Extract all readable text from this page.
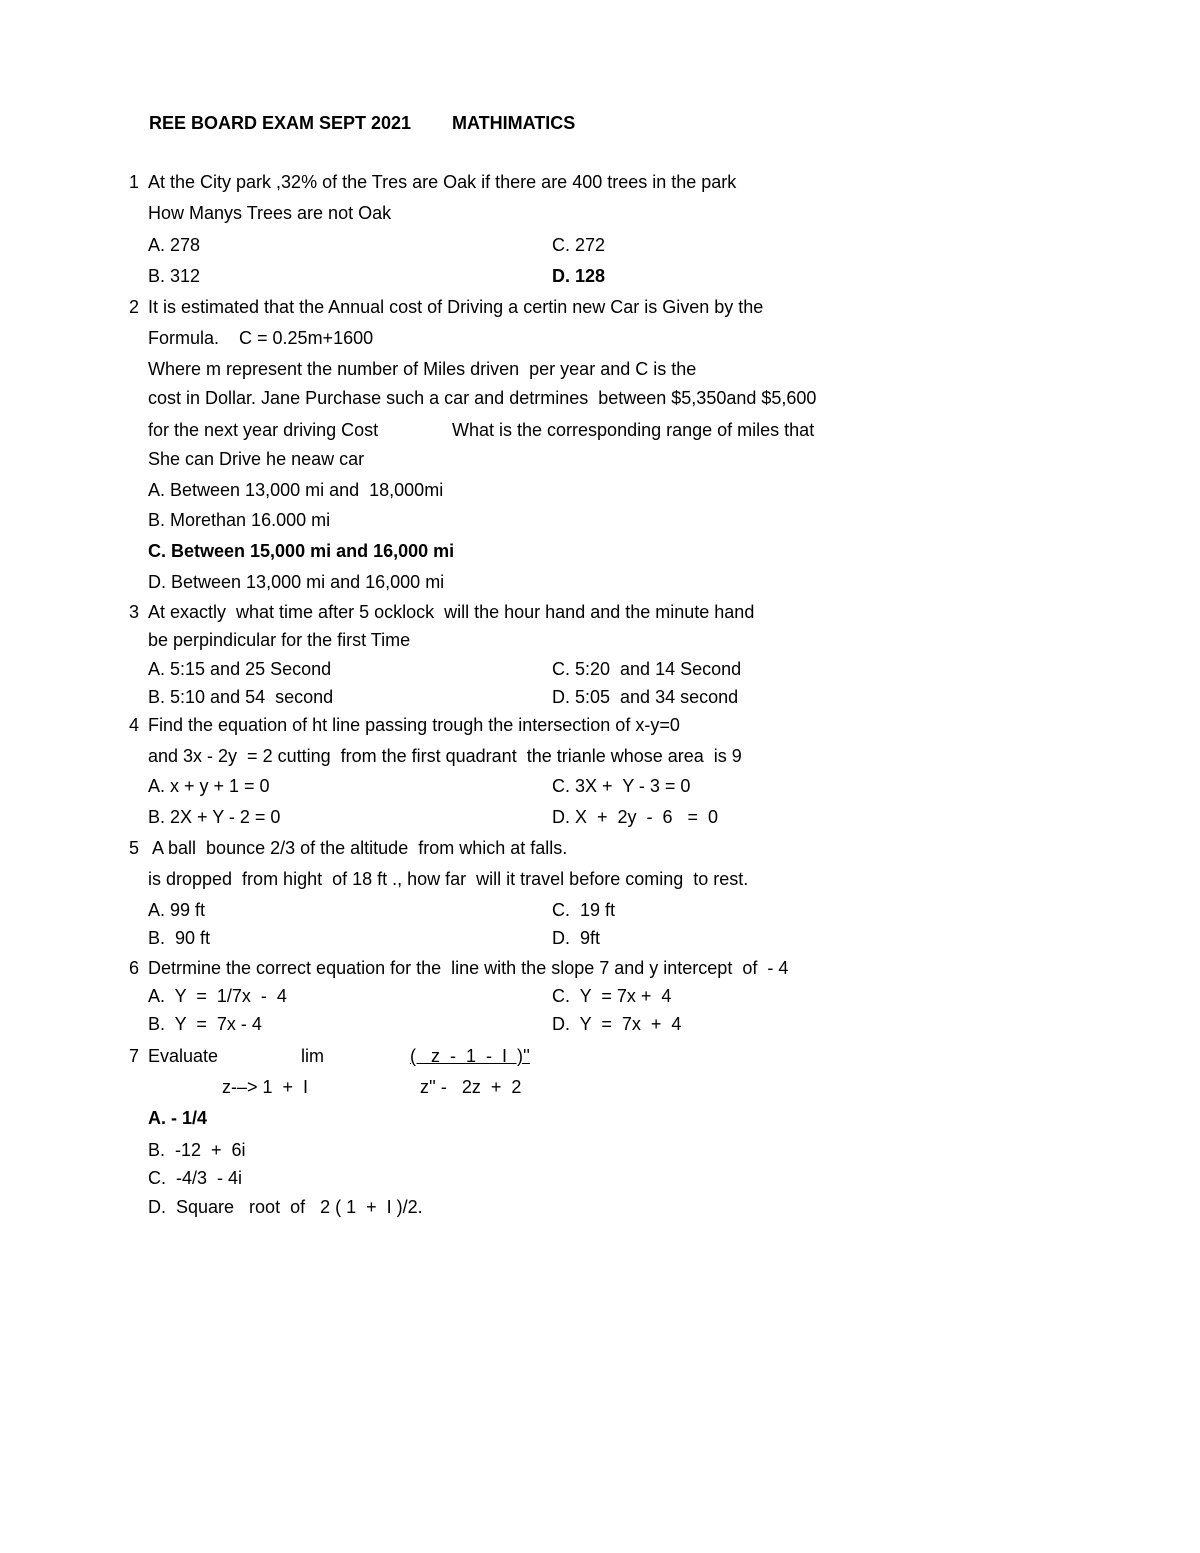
REE BOARD EXAM SEPT 2021 MATHIMATICS
1 At the City park ,32% of the Tres are Oak if there are 400 trees in the park
How Manys Trees are not Oak
A. 278	C. 272
B. 312	D. 128
2 It is estimated that the Annual cost of Driving a certin new Car is Given by the
Formula.    C = 0.25m+1600
Where m represent the number of Miles driven  per year and C is the
cost in Dollar. Jane Purchase such a car and detrmines  between $5,350and $5,600
for the next year driving Cost	What is the corresponding range of miles that
She can Drive he neaw car
A. Between 13,000 mi and  18,000mi
B. Morethan 16.000 mi
C. Between 15,000 mi and 16,000 mi
D. Between 13,000 mi and 16,000 mi
3 At exactly  what time after 5 ocklock  will the hour hand and the minute hand
be perpindicular for the first Time
A. 5:15 and 25 Second	C. 5:20  and 14 Second
B. 5:10 and 54  second	D. 5:05  and 34 second
4 Find the equation of ht line passing trough the intersection of x-y=0
and 3x - 2y  = 2 cutting  from the first quadrant  the trianle whose area  is 9
A. x + y + 1 = 0	C. 3X +  Y - 3 = 0
B. 2X + Y - 2 = 0	D. X  +  2y  -  6   =  0
5 A ball  bounce 2/3 of the altitude  from which at falls.
is dropped  from hight  of 18 ft ., how far  will it travel before coming  to rest.
A. 99 ft	C.  19 ft
B.  90 ft	D.  9ft
6 Detrmine the correct equation for the  line with the slope 7 and y intercept  of  - 4
A.  Y  =  1/7x  -  4	C.  Y  = 7x +  4
B.  Y  =  7x - 4	D.  Y  =  7x  +  4
7 Evaluate	lim	(   z  -  1  -  I  )''
z-–> 1  +  I	z'' -   2z  +  2
A. - 1/4
B.  -12  +  6i
C.  -4/3  - 4i
D.  Square   root  of   2 ( 1  +  I )/2.
